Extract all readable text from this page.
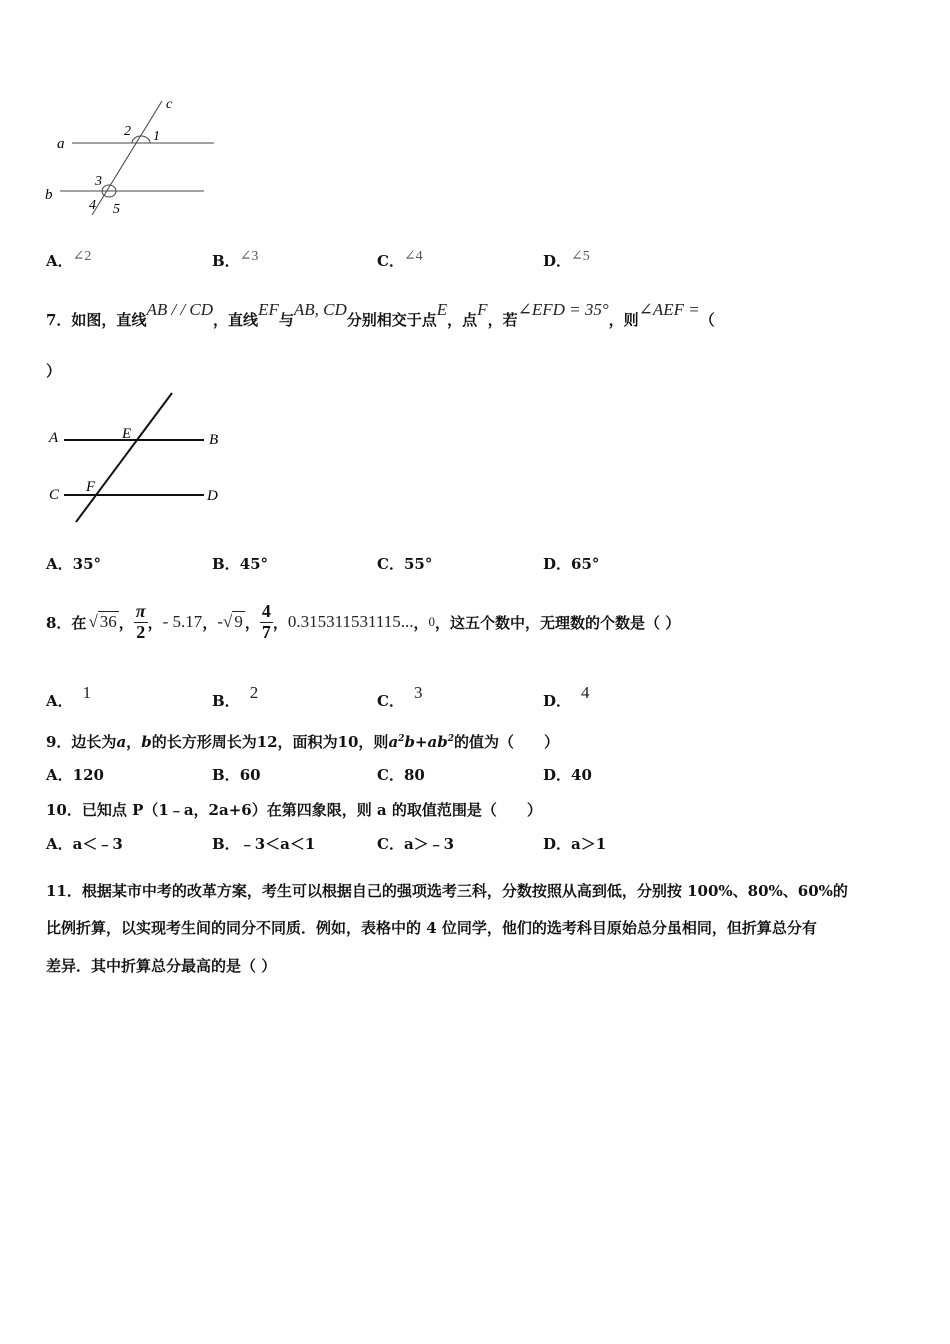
c
a
b
1
2
3
4 5
A．∠2	B．∠3	C．∠4	D．∠5
7．如图，直线AB / / CD，直线EF与AB, CD分别相交于点E，点F，若∠EFD = 35°，则∠AEF =（
）
A	B
E
C F
D
A．35°	B．45°	C．55°	D．65°
8．在 √ 36 ， $\frac{\pi}{2}$ ， - 5.17 ， -√ 9 ， $\frac{4}{7}$ ， 0.315311531115... ， 0 ，这五个数中，无理数的个数是（ ）
A． 1	B． 2	C． 3	D． 4
9．边长为a，b的长方形周长为12，面积为10，则$a^2b+ab^2$的值为（　　）
A．120	B．60	C．80	D．40
10．已知点 P（1﹣a，2a+6）在第四象限，则 a 的取值范围是（　　）
A．a＜﹣3	B．﹣3＜a＜1	C．a＞﹣3	D．a＞1
11．根据某市中考的改革方案，考生可以根据自己的强项选考三科，分数按照从高到低，分别按 100%、80%、60%的
比例折算，以实现考生间的同分不同质．例如，表格中的 4 位同学，他们的选考科目原始总分虽相同，但折算总分有
差异．其中折算总分最高的是（ ）
